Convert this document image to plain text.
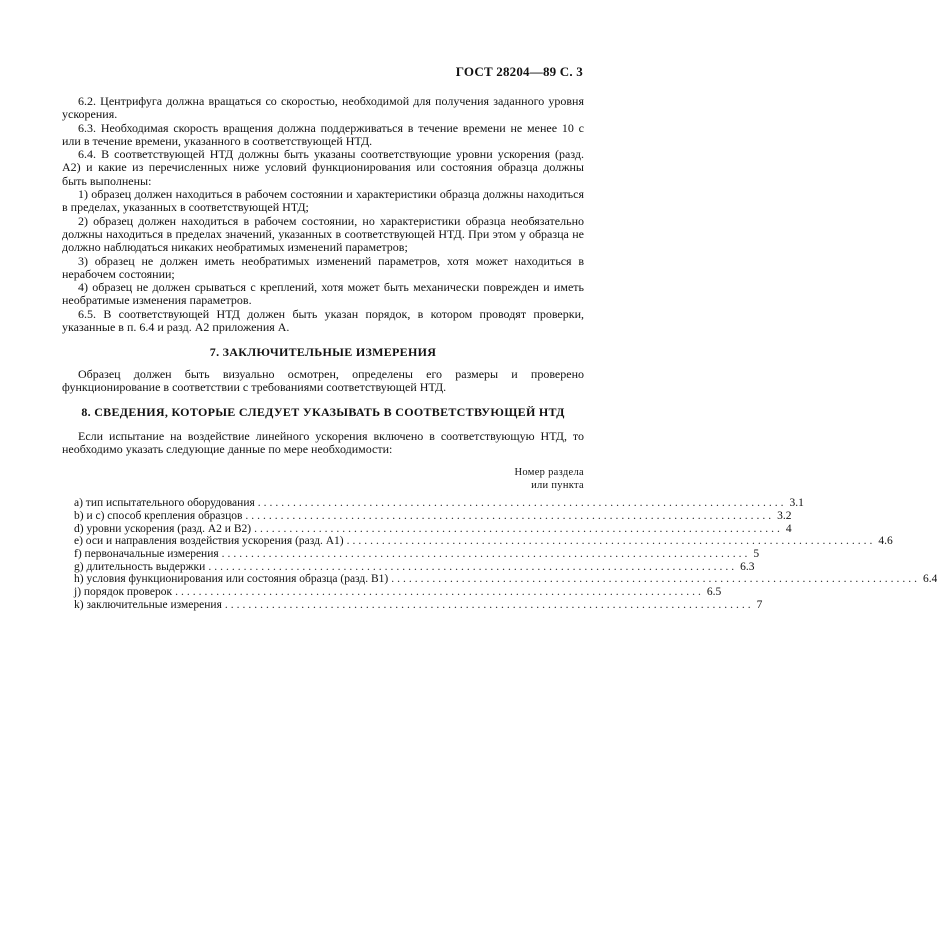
ГОСТ 28204—89 С. 3

6.2. Центрифуга должна вращаться со скоростью, необходимой для получения заданного уровня ускорения.

6.3. Необходимая скорость вращения должна поддерживаться в течение времени не менее 10 с или в течение времени, указанного в соответствующей НТД.

6.4. В соответствующей НТД должны быть указаны соответствующие уровни ускорения (разд. А2) и какие из перечисленных ниже условий функционирования или состояния образца должны быть выполнены:

1) образец должен находиться в рабочем состоянии и характеристики образца должны находиться в пределах, указанных в соответствующей НТД;

2) образец должен находиться в рабочем состоянии, но характеристики образца необязательно должны находиться в пределах значений, указанных в соответствующей НТД. При этом у образца не должно наблюдаться никаких необратимых изменений параметров;

3) образец не должен иметь необратимых изменений параметров, хотя может находиться в нерабочем состоянии;

4) образец не должен срываться с креплений, хотя может быть механически поврежден и иметь необратимые изменения параметров.

6.5. В соответствующей НТД должен быть указан порядок, в котором проводят проверки, указанные в п. 6.4 и разд. А2 приложения А.

7. ЗАКЛЮЧИТЕЛЬНЫЕ ИЗМЕРЕНИЯ

Образец должен быть визуально осмотрен, определены его размеры и проверено функционирование в соответствии с требованиями соответствующей НТД.

8. СВЕДЕНИЯ, КОТОРЫЕ СЛЕДУЕТ УКАЗЫВАТЬ В СООТВЕТСТВУЮЩЕЙ НТД

Если испытание на воздействие линейного ускорения включено в соответствующую НТД, то необходимо указать следующие данные по мере необходимости:

Номер раздела
или пункта
a) тип испытательного оборудования .......................................................................................... 3.1
b) и c) способ крепления образцов .......................................................................................... 3.2
d) уровни ускорения (разд. А2 и В2) .......................................................................................... 4
e) оси и направления воздействия ускорения (разд. А1) .......................................................................................... 4.6
f) первоначальные измерения .......................................................................................... 5
g) длительность выдержки .......................................................................................... 6.3
h) условия функционирования или состояния образца (разд. В1) .......................................................................................... 6.4
j) порядок проверок .......................................................................................... 6.5
k) заключительные измерения .......................................................................................... 7
